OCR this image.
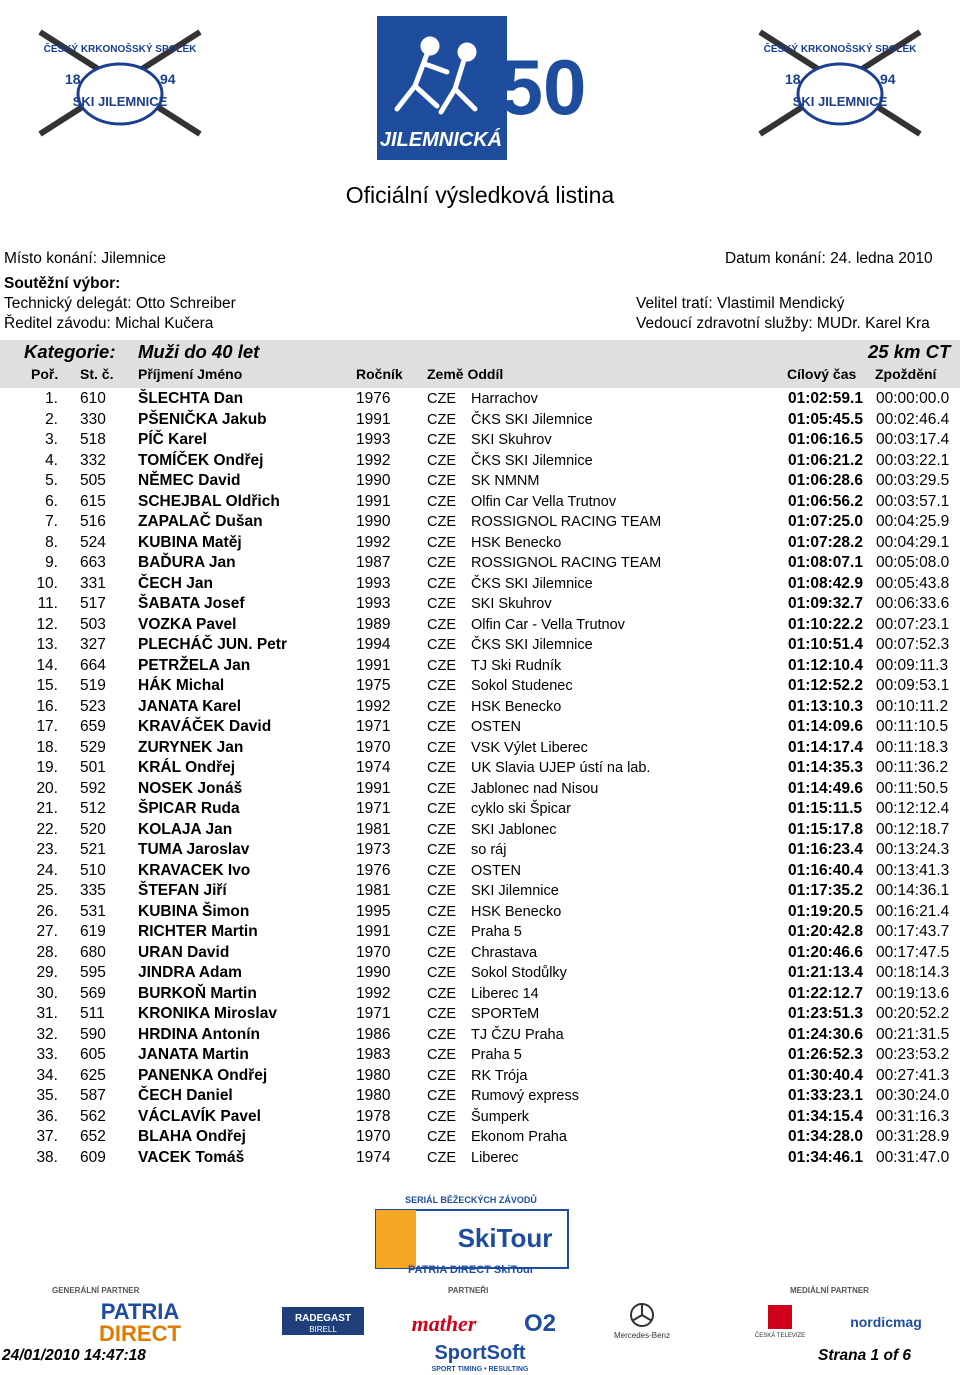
ČESKÝ KRKONOŠSKÝ SPOLEK
18	94
SKI JILEMNICE
JILEMNICKÁ
50	ČESKÝ KRKONOŠSKÝ SPOLEK
18	94
SKI JILEMNICE
Oficiální výsledková listina
Místo konání: Jilemnice	Datum konání: 24. ledna 2010
Soutěžní výbor:
Technický delegát: Otto Schreiber
Ředitel závodu: Michal Kučera
Velitel tratí: Vlastimil Mendický
Vedoucí zdravotní služby: MUDr. Karel Kra
Kategorie: Muži do 40 let	25 km CT
Poř. St. č. Příjmení Jméno	Ročník Země Oddíl	Cílový čas Zpoždění
1. 610 ŠLECHTA Dan	1976	CZE Harrachov	01:02:59.1 00:00:00.0
2. 330 PŠENIČKA Jakub	1991	CZE ČKS SKI Jilemnice	01:05:45.5 00:02:46.4
3. 518 PÍČ Karel	1993	CZE SKI Skuhrov	01:06:16.5 00:03:17.4
4. 332 TOMÍČEK Ondřej	1992	CZE ČKS SKI Jilemnice	01:06:21.2 00:03:22.1
5. 505 NĚMEC David	1990	CZE SK NMNM	01:06:28.6 00:03:29.5
6. 615 SCHEJBAL Oldřich	1991	CZE Olfin Car Vella Trutnov	01:06:56.2 00:03:57.1
7. 516 ZAPALAČ Dušan	1990	CZE ROSSIGNOL RACING TEAM	01:07:25.0 00:04:25.9
8. 524 KUBINA Matěj	1992	CZE HSK Benecko	01:07:28.2 00:04:29.1
9. 663 BAĎURA Jan	1987	CZE ROSSIGNOL RACING TEAM	01:08:07.1 00:05:08.0
10. 331 ČECH Jan	1993	CZE ČKS SKI Jilemnice	01:08:42.9 00:05:43.8
11. 517 ŠABATA Josef	1993	CZE SKI Skuhrov	01:09:32.7 00:06:33.6
12. 503 VOZKA Pavel	1989	CZE Olfin Car - Vella Trutnov	01:10:22.2 00:07:23.1
13. 327 PLECHÁČ JUN. Petr	1994	CZE ČKS SKI Jilemnice	01:10:51.4 00:07:52.3
14. 664 PETRŽELA Jan	1991	CZE TJ Ski Rudník	01:12:10.4 00:09:11.3
15. 519 HÁK Michal	1975	CZE Sokol Studenec	01:12:52.2 00:09:53.1
16. 523 JANATA Karel	1992	CZE HSK Benecko	01:13:10.3 00:10:11.2
17. 659 KRAVÁČEK David	1971	CZE OSTEN	01:14:09.6 00:11:10.5
18. 529 ZURYNEK Jan	1970	CZE VSK Výlet Liberec	01:14:17.4 00:11:18.3
19. 501 KRÁL Ondřej	1974	CZE UK Slavia UJEP ústí na lab.	01:14:35.3 00:11:36.2
20. 592 NOSEK Jonáš	1991	CZE Jablonec nad Nisou	01:14:49.6 00:11:50.5
21. 512 ŠPICAR Ruda	1971	CZE cyklo ski Špicar	01:15:11.5 00:12:12.4
22. 520 KOLAJA Jan	1981	CZE SKI Jablonec	01:15:17.8 00:12:18.7
23. 521 TUMA Jaroslav	1973	CZE so ráj	01:16:23.4 00:13:24.3
24. 510 KRAVACEK Ivo	1976	CZE OSTEN	01:16:40.4 00:13:41.3
25. 335 ŠTEFAN Jiří	1981	CZE SKI Jilemnice	01:17:35.2 00:14:36.1
26. 531 KUBINA Šimon	1995	CZE HSK Benecko	01:19:20.5 00:16:21.4
27. 619 RICHTER Martin	1991	CZE Praha 5	01:20:42.8 00:17:43.7
28. 680 URAN David	1970	CZE Chrastava	01:20:46.6 00:17:47.5
29. 595 JINDRA Adam	1990	CZE Sokol Stodůlky	01:21:13.4 00:18:14.3
30. 569 BURKOŇ Martin	1992	CZE Liberec 14	01:22:12.7 00:19:13.6
31. 511 KRONIKA Miroslav	1971	CZE SPORTeM	01:23:51.3 00:20:52.2
32. 590 HRDINA Antonín	1986	CZE TJ ČZU Praha	01:24:30.6 00:21:31.5
33. 605 JANATA Martin	1983	CZE Praha 5	01:26:52.3 00:23:53.2
34. 625 PANENKA Ondřej	1980	CZE RK Trója	01:30:40.4 00:27:41.3
35. 587 ČECH Daniel	1980	CZE Rumový express	01:33:23.1 00:30:24.0
36. 562 VÁCLAVÍK Pavel	1978	CZE Šumperk	01:34:15.4 00:31:16.3
37. 652 BLAHA Ondřej	1970	CZE Ekonom Praha	01:34:28.0 00:31:28.9
38. 609 VACEK Tomáš	1974	CZE Liberec	01:34:46.1 00:31:47.0
SERIÁL BĚŽECKÝCH ZÁVODŮ
SkiTour
PATRIA DIRECT SkiTour
GENERÁLNÍ PARTNER	PARTNEŘI	MEDIÁLNÍ PARTNER
PATRIA
DIRECT
RADEGAST
BIRELL	mather O2	Mercedes-Benz	ČESKÁ TELEVIZE
nordicmag
SportSoft
SPORT TIMING • RESULTING
24/01/2010 14:47:18	Strana 1 of 6
